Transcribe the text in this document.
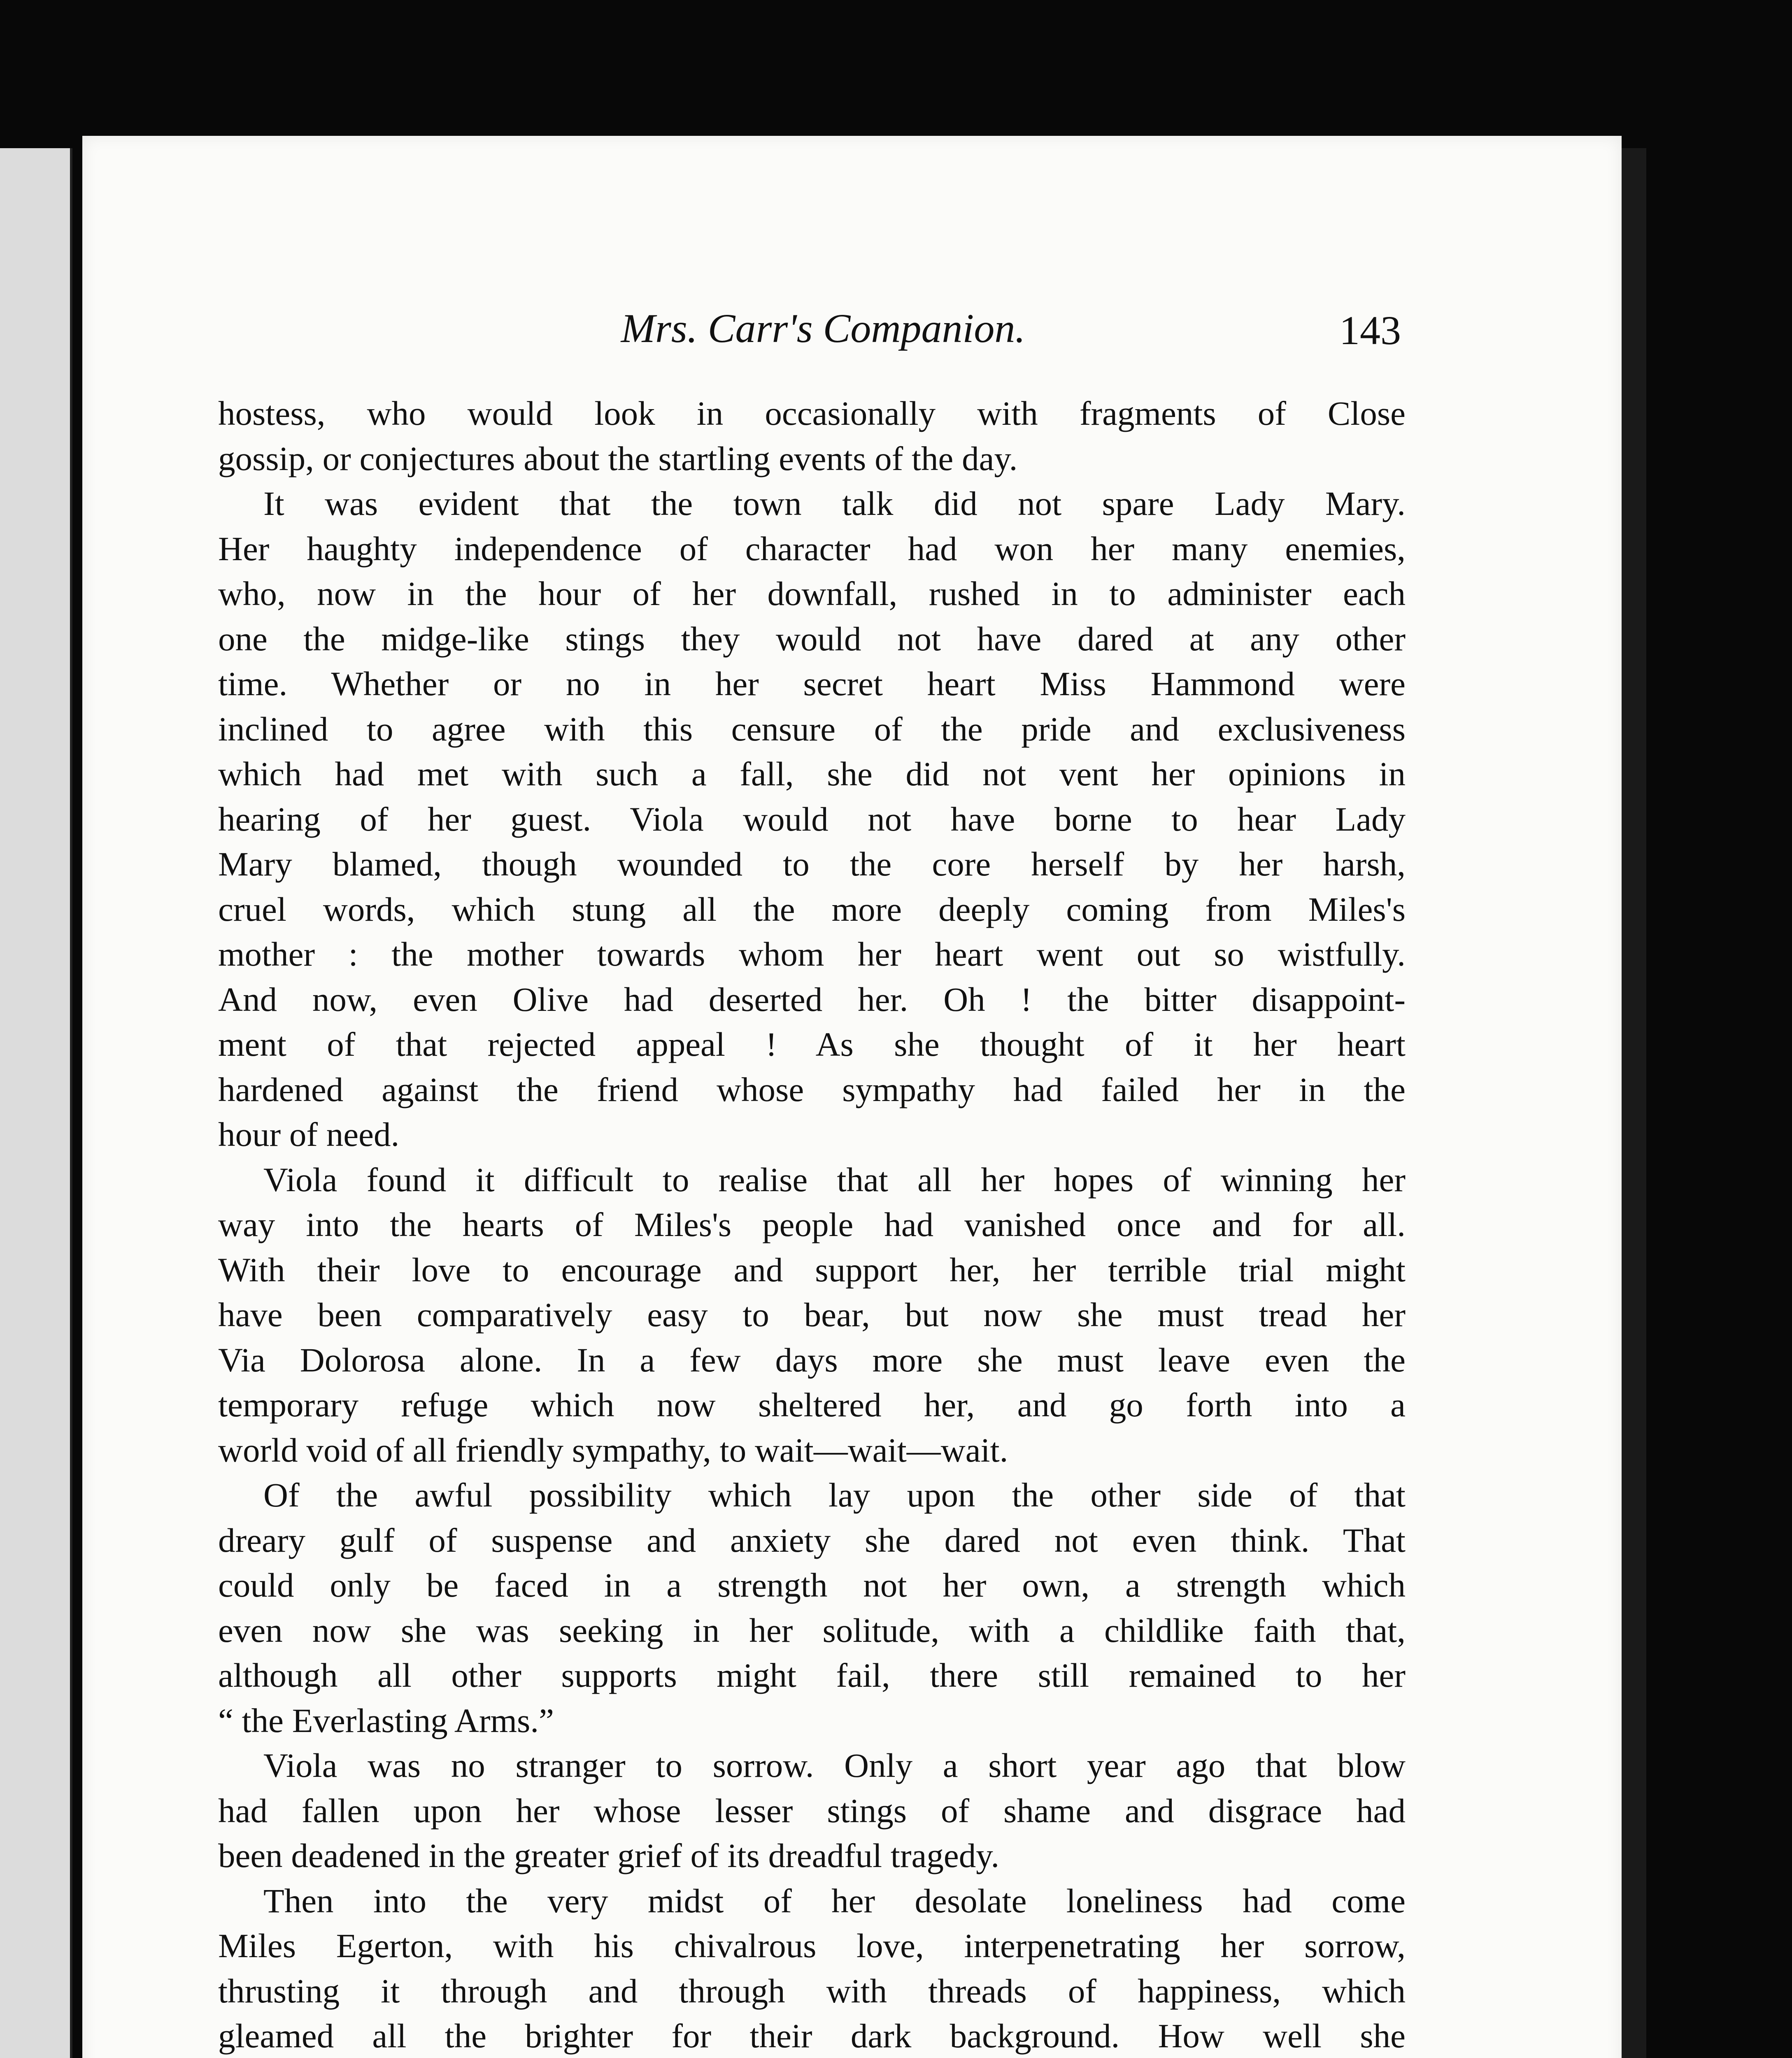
Mrs. Carr's Companion.	143
hostess, who would look in occasionally with fragments of Close
gossip, or conjectures about the startling events of the day.
It was evident that the town talk did not spare Lady Mary.
Her haughty independence of character had won her many enemies,
who, now in the hour of her downfall, rushed in to administer each
one the midge-like stings they would not have dared at any other
time. Whether or no in her secret heart Miss Hammond were
inclined to agree with this censure of the pride and exclusiveness
which had met with such a fall, she did not vent her opinions in
hearing of her guest. Viola would not have borne to hear Lady
Mary blamed, though wounded to the core herself by her harsh,
cruel words, which stung all the more deeply coming from Miles's
mother : the mother towards whom her heart went out so wistfully.
And now, even Olive had deserted her. Oh ! the bitter disappoint-
ment of that rejected appeal ! As she thought of it her heart
hardened against the friend whose sympathy had failed her in the
hour of need.
Viola found it difficult to realise that all her hopes of winning her
way into the hearts of Miles's people had vanished once and for all.
With their love to encourage and support her, her terrible trial might
have been comparatively easy to bear, but now she must tread her
Via Dolorosa alone. In a few days more she must leave even the
temporary refuge which now sheltered her, and go forth into a
world void of all friendly sympathy, to wait—wait—wait.
Of the awful possibility which lay upon the other side of that
dreary gulf of suspense and anxiety she dared not even think. That
could only be faced in a strength not her own, a strength which
even now she was seeking in her solitude, with a childlike faith that,
although all other supports might fail, there still remained to her
“ the Everlasting Arms.”
Viola was no stranger to sorrow. Only a short year ago that blow
had fallen upon her whose lesser stings of shame and disgrace had
been deadened in the greater grief of its dreadful tragedy.
Then into the very midst of her desolate loneliness had come
Miles Egerton, with his chivalrous love, interpenetrating her sorrow,
thrusting it through and through with threads of happiness, which
gleamed all the brighter for their dark background. How well she
